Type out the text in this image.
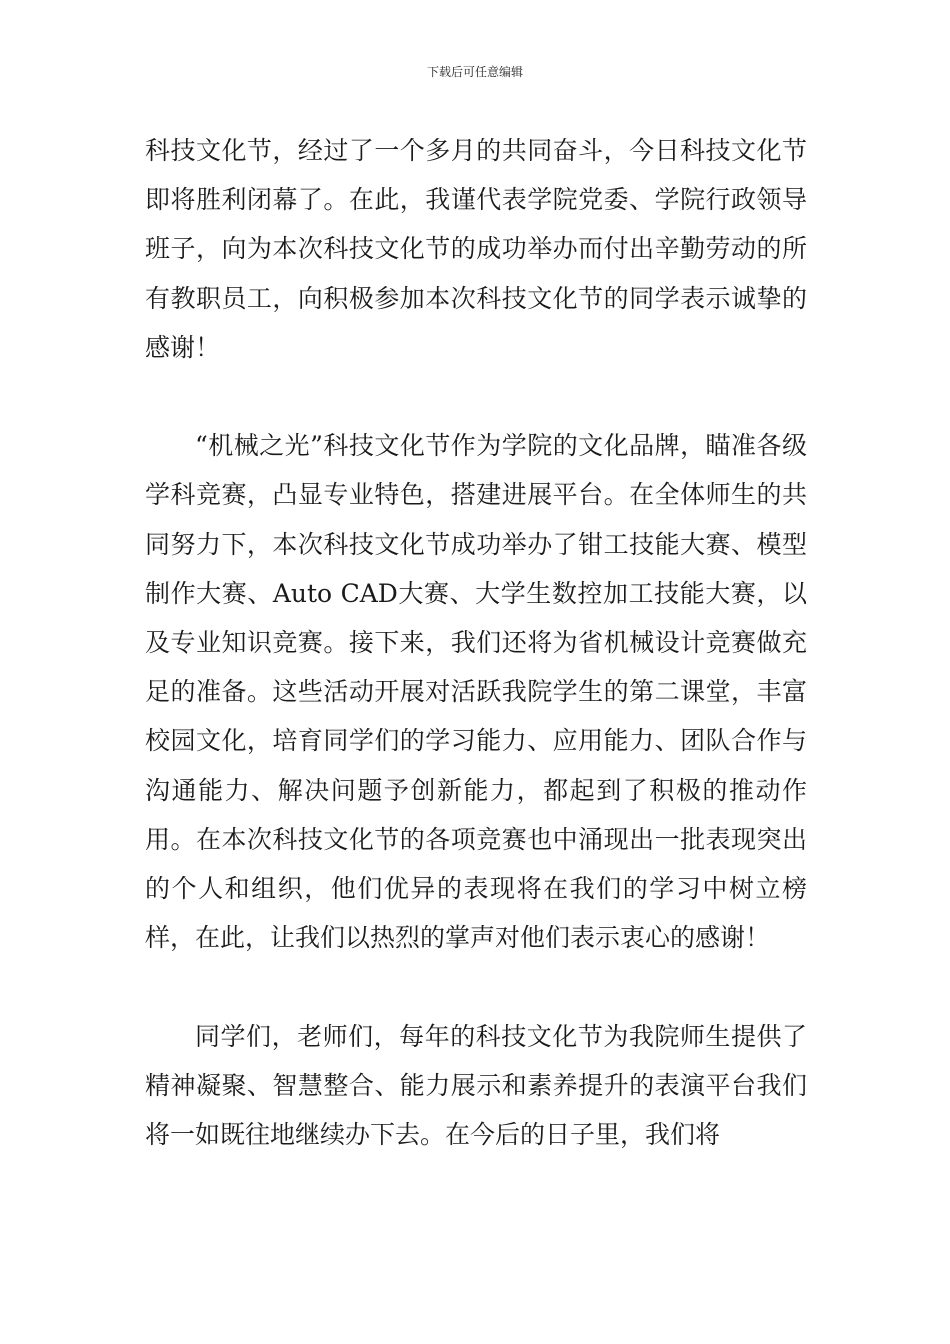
下载后可任意编辑

科技文化节，经过了一个多月的共同奋斗，今日科技文化节即将胜利闭幕了。在此，我谨代表学院党委、学院行政领导班子，向为本次科技文化节的成功举办而付出辛勤劳动的所有教职员工，向积极参加本次科技文化节的同学表示诚挚的感谢！

“机械之光”科技文化节作为学院的文化品牌，瞄准各级学科竞赛，凸显专业特色，搭建进展平台。在全体师生的共同努力下，本次科技文化节成功举办了钳工技能大赛、模型制作大赛、Auto CAD大赛、大学生数控加工技能大赛，以及专业知识竞赛。接下来，我们还将为省机械设计竞赛做充足的准备。这些活动开展对活跃我院学生的第二课堂，丰富校园文化，培育同学们的学习能力、应用能力、团队合作与沟通能力、解决问题予创新能力，都起到了积极的推动作用。在本次科技文化节的各项竞赛也中涌现出一批表现突出的个人和组织，他们优异的表现将在我们的学习中树立榜样，在此，让我们以热烈的掌声对他们表示衷心的感谢！

同学们，老师们，每年的科技文化节为我院师生提供了精神凝聚、智慧整合、能力展示和素养提升的表演平台我们将一如既往地继续办下去。在今后的日子里，我们将
